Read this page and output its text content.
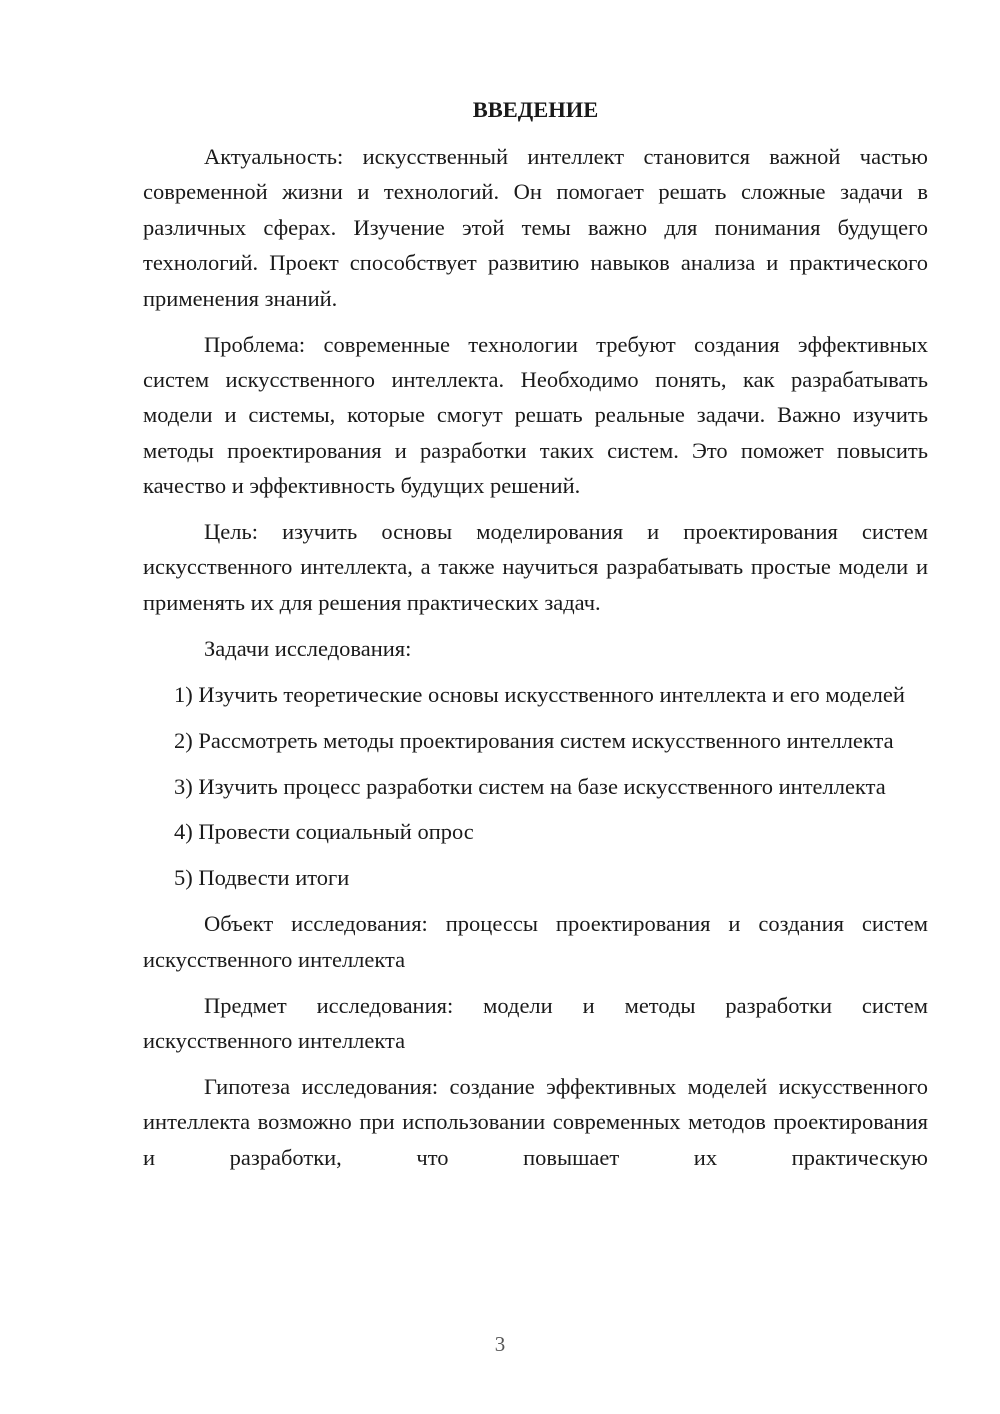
ВВЕДЕНИЕ

Актуальность: искусственный интеллект становится важной частью современной жизни и технологий. Он помогает решать сложные задачи в различных сферах. Изучение этой темы важно для понимания будущего технологий. Проект способствует развитию навыков анализа и практического применения знаний.

Проблема: современные технологии требуют создания эффективных систем искусственного интеллекта. Необходимо понять, как разрабатывать модели и системы, которые смогут решать реальные задачи. Важно изучить методы проектирования и разработки таких систем. Это поможет повысить качество и эффективность будущих решений.

Цель: изучить основы моделирования и проектирования систем искусственного интеллекта, а также научиться разрабатывать простые модели и применять их для решения практических задач.

Задачи исследования:

1) Изучить теоретические основы искусственного интеллекта и его моделей

2) Рассмотреть методы проектирования систем искусственного интеллекта

3) Изучить процесс разработки систем на базе искусственного интеллекта

4) Провести социальный опрос

5) Подвести итоги

Объект исследования: процессы проектирования и создания систем искусственного интеллекта

Предмет исследования: модели и методы разработки систем искусственного интеллекта

Гипотеза исследования: создание эффективных моделей искусственного интеллекта возможно при использовании современных методов проектирования и разработки, что повышает их практическую

3
